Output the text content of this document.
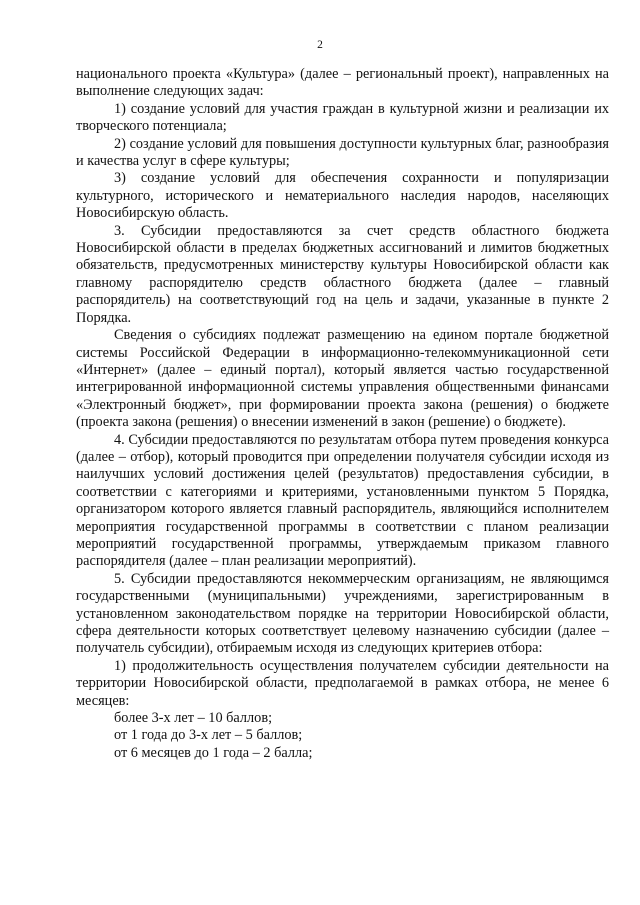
2

национального проекта «Культура» (далее – региональный проект), направленных на выполнение следующих задач:

1) создание условий для участия граждан в культурной жизни и реализации их творческого потенциала;

2) создание условий для повышения доступности культурных благ, разнообразия и качества услуг в сфере культуры;

3) создание условий для обеспечения сохранности и популяризации культурного, исторического и нематериального наследия народов, населяющих Новосибирскую область.

3. Субсидии предоставляются за счет средств областного бюджета Новосибирской области в пределах бюджетных ассигнований и лимитов бюджетных обязательств, предусмотренных министерству культуры Новосибирской области как главному распорядителю средств областного бюджета (далее – главный распорядитель) на соответствующий год на цель и задачи, указанные в пункте 2 Порядка.

Сведения о субсидиях подлежат размещению на едином портале бюджетной системы Российской Федерации в информационно-телекоммуникационной сети «Интернет» (далее – единый портал), который является частью государственной интегрированной информационной системы управления общественными финансами «Электронный бюджет», при формировании проекта закона (решения) о бюджете (проекта закона (решения) о внесении изменений в закон (решение) о бюджете).

4. Субсидии предоставляются по результатам отбора путем проведения конкурса (далее – отбор), который проводится при определении получателя субсидии исходя из наилучших условий достижения целей (результатов) предоставления субсидии, в соответствии с категориями и критериями, установленными пунктом 5 Порядка, организатором которого является главный распорядитель, являющийся исполнителем мероприятия государственной программы в соответствии с планом реализации мероприятий государственной программы, утверждаемым приказом главного распорядителя (далее – план реализации мероприятий).

5. Субсидии предоставляются некоммерческим организациям, не являющимся государственными (муниципальными) учреждениями, зарегистрированным в установленном законодательством порядке на территории Новосибирской области, сфера деятельности которых соответствует целевому назначению субсидии (далее – получатель субсидии), отбираемым исходя из следующих критериев отбора:

1) продолжительность осуществления получателем субсидии деятельности на территории Новосибирской области, предполагаемой в рамках отбора, не менее 6 месяцев:

более 3-х лет – 10 баллов;

от 1 года до 3-х лет – 5 баллов;

от 6 месяцев до 1 года – 2 балла;
